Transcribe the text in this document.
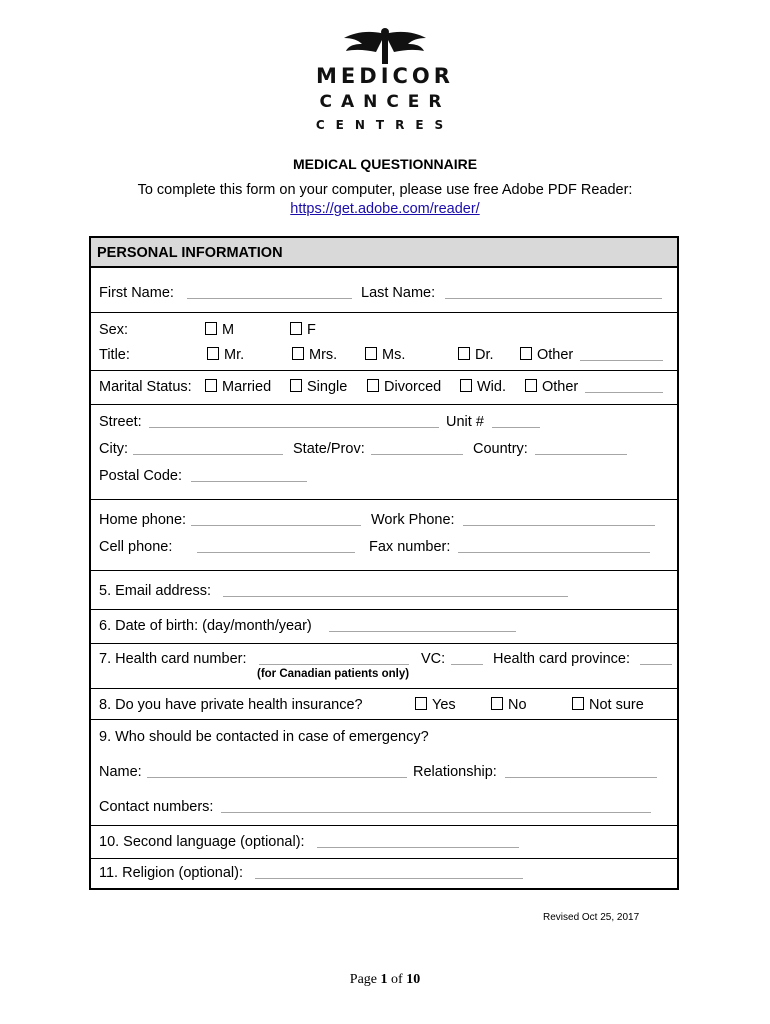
MEDICOR
CANCER
CENTRES
MEDICAL QUESTIONNAIRE
To complete this form on your computer, please use free Adobe PDF Reader:
https://get.adobe.com/reader/
PERSONAL INFORMATION
First Name:	Last Name:
Sex:	M	F
Title:	Mr.	Mrs.	Ms.	Dr.	Other
Marital Status:	Married	Single	Divorced	Wid.	Other
Street:	Unit #
City:	State/Prov:	Country:
Postal Code:
Home phone:	Work Phone:
Cell phone:	Fax number:
5. Email address:
6. Date of birth: (day/month/year)
7. Health card number:	VC:	Health card province:
(for Canadian patients only)
8. Do you have private health insurance?	Yes	No	Not sure
9. Who should be contacted in case of emergency?
Name:	Relationship:
Contact numbers:
10. Second language (optional):
11. Religion (optional):
Revised Oct 25, 2017
Page 1 of 10
